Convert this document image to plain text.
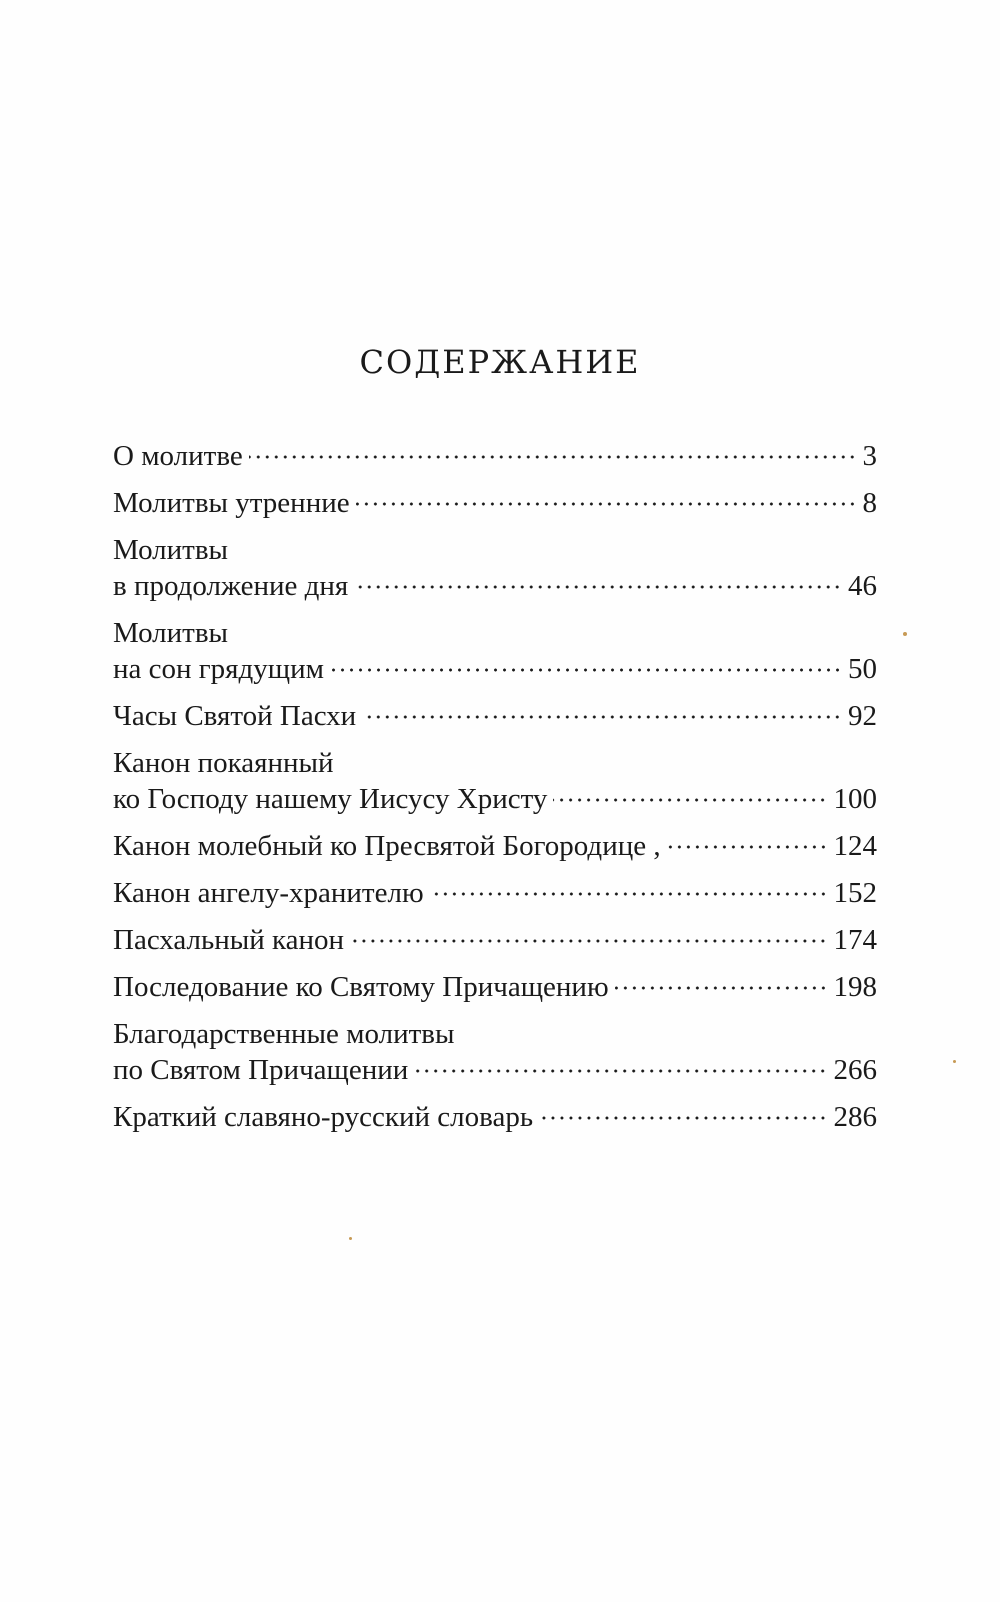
содержание
О молитве	3
Молитвы утренние	8
Молитвы
в продолжение дня	46
Молитвы
на сон грядущим	50
Часы Святой Пасхи	92
Канон покаянный
ко Господу нашему Иисусу Христу	100
Канон молебный ко Пресвятой Богородице ,	124
Канон ангелу-хранителю	152
Пасхальный канон	174
Последование ко Святому Причащению	198
Благодарственные молитвы
по Святом Причащении	266
Краткий славяно-русский словарь	286
